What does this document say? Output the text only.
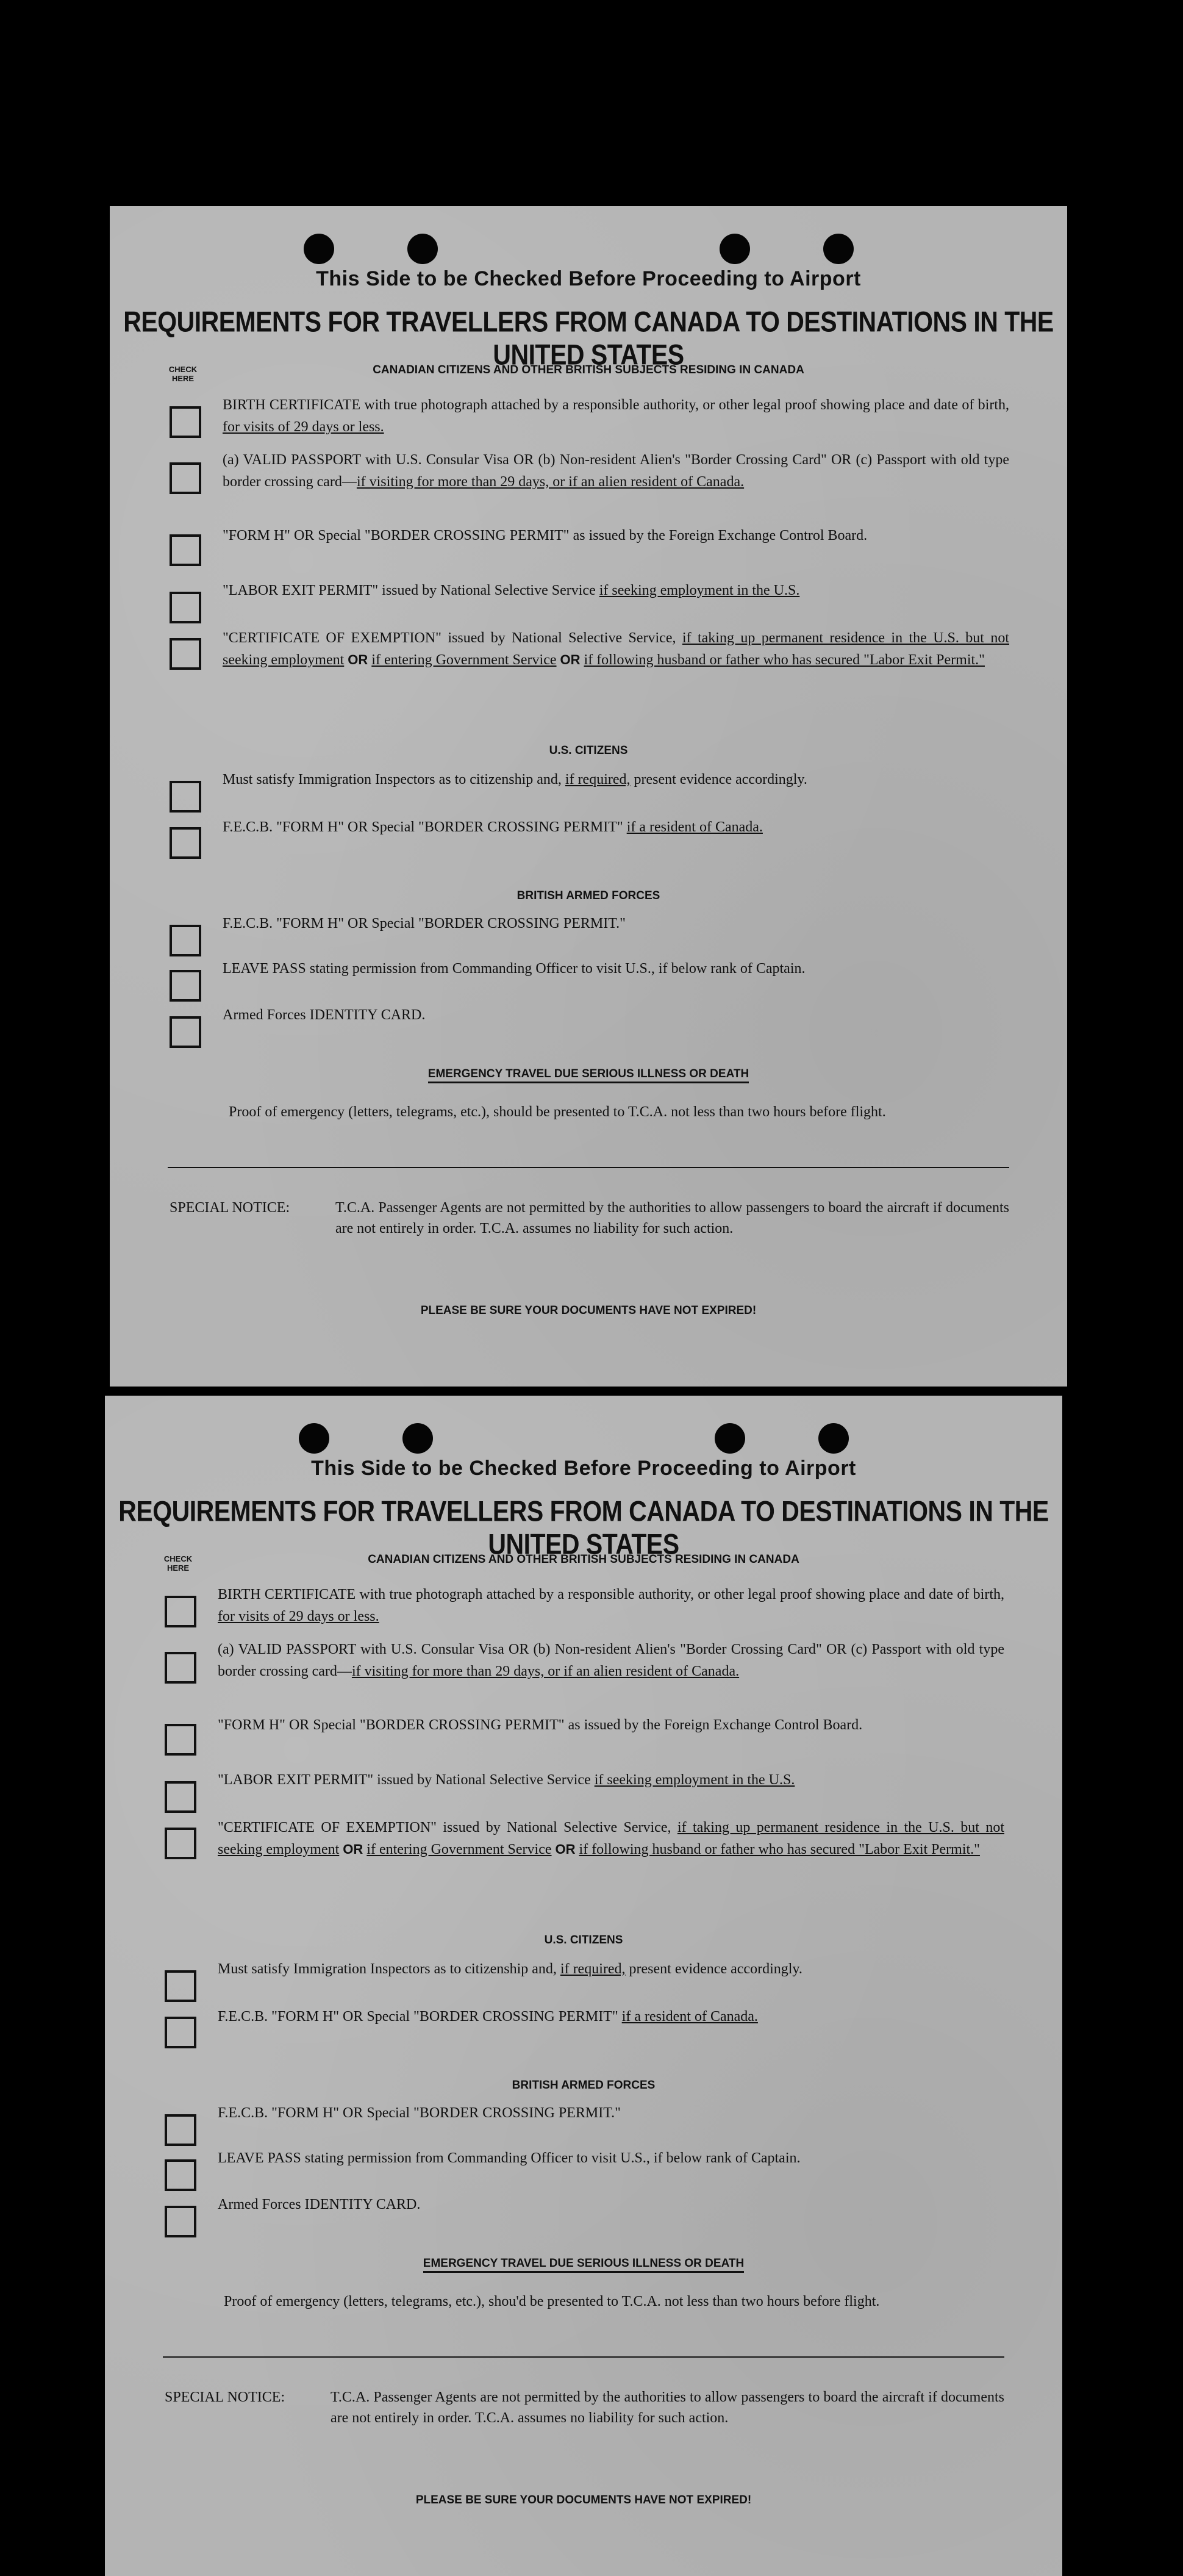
This Side to be Checked Before Proceeding to Airport
REQUIREMENTS FOR TRAVELLERS FROM CANADA TO DESTINATIONS IN THE UNITED STATES
CHECK HERE
CANADIAN CITIZENS AND OTHER BRITISH SUBJECTS RESIDING IN CANADA
BIRTH CERTIFICATE with true photograph attached by a responsible authority, or other legal proof showing place and date of birth, for visits of 29 days or less.
(a) VALID PASSPORT with U.S. Consular Visa OR (b) Non-resident Alien's "Border Crossing Card" OR (c) Passport with old type border crossing card—if visiting for more than 29 days, or if an alien resident of Canada.
"FORM H" OR Special "BORDER CROSSING PERMIT" as issued by the Foreign Exchange Control Board.
"LABOR EXIT PERMIT" issued by National Selective Service if seeking employment in the U.S.
"CERTIFICATE OF EXEMPTION" issued by National Selective Service, if taking up permanent residence in the U.S. but not seeking employment OR if entering Government Service OR if following husband or father who has secured "Labor Exit Permit."
U.S. CITIZENS
Must satisfy Immigration Inspectors as to citizenship and, if required, present evidence accordingly.
F.E.C.B. "FORM H" OR Special "BORDER CROSSING PERMIT" if a resident of Canada.
BRITISH ARMED FORCES
F.E.C.B. "FORM H" OR Special "BORDER CROSSING PERMIT."
LEAVE PASS stating permission from Commanding Officer to visit U.S., if below rank of Captain.
Armed Forces IDENTITY CARD.
EMERGENCY TRAVEL DUE SERIOUS ILLNESS OR DEATH
Proof of emergency (letters, telegrams, etc.), should be presented to T.C.A. not less than two hours before flight.
SPECIAL NOTICE:	T.C.A. Passenger Agents are not permitted by the authorities to allow passengers to board the aircraft if documents are not entirely in order. T.C.A. assumes no liability for such action.
PLEASE BE SURE YOUR DOCUMENTS HAVE NOT EXPIRED!
This Side to be Checked Before Proceeding to Airport
REQUIREMENTS FOR TRAVELLERS FROM CANADA TO DESTINATIONS IN THE UNITED STATES
CHECK HERE
CANADIAN CITIZENS AND OTHER BRITISH SUBJECTS RESIDING IN CANADA
BIRTH CERTIFICATE with true photograph attached by a responsible authority, or other legal proof showing place and date of birth, for visits of 29 days or less.
(a) VALID PASSPORT with U.S. Consular Visa OR (b) Non-resident Alien's "Border Crossing Card" OR (c) Passport with old type border crossing card—if visiting for more than 29 days, or if an alien resident of Canada.
"FORM H" OR Special "BORDER CROSSING PERMIT" as issued by the Foreign Exchange Control Board.
"LABOR EXIT PERMIT" issued by National Selective Service if seeking employment in the U.S.
"CERTIFICATE OF EXEMPTION" issued by National Selective Service, if taking up permanent residence in the U.S. but not seeking employment OR if entering Government Service OR if following husband or father who has secured "Labor Exit Permit."
U.S. CITIZENS
Must satisfy Immigration Inspectors as to citizenship and, if required, present evidence accordingly.
F.E.C.B. "FORM H" OR Special "BORDER CROSSING PERMIT" if a resident of Canada.
BRITISH ARMED FORCES
F.E.C.B. "FORM H" OR Special "BORDER CROSSING PERMIT."
LEAVE PASS stating permission from Commanding Officer to visit U.S., if below rank of Captain.
Armed Forces IDENTITY CARD.
EMERGENCY TRAVEL DUE SERIOUS ILLNESS OR DEATH
Proof of emergency (letters, telegrams, etc.), shou'd be presented to T.C.A. not less than two hours before flight.
SPECIAL NOTICE:	T.C.A. Passenger Agents are not permitted by the authorities to allow passengers to board the aircraft if documents are not entirely in order. T.C.A. assumes no liability for such action.
PLEASE BE SURE YOUR DOCUMENTS HAVE NOT EXPIRED!
